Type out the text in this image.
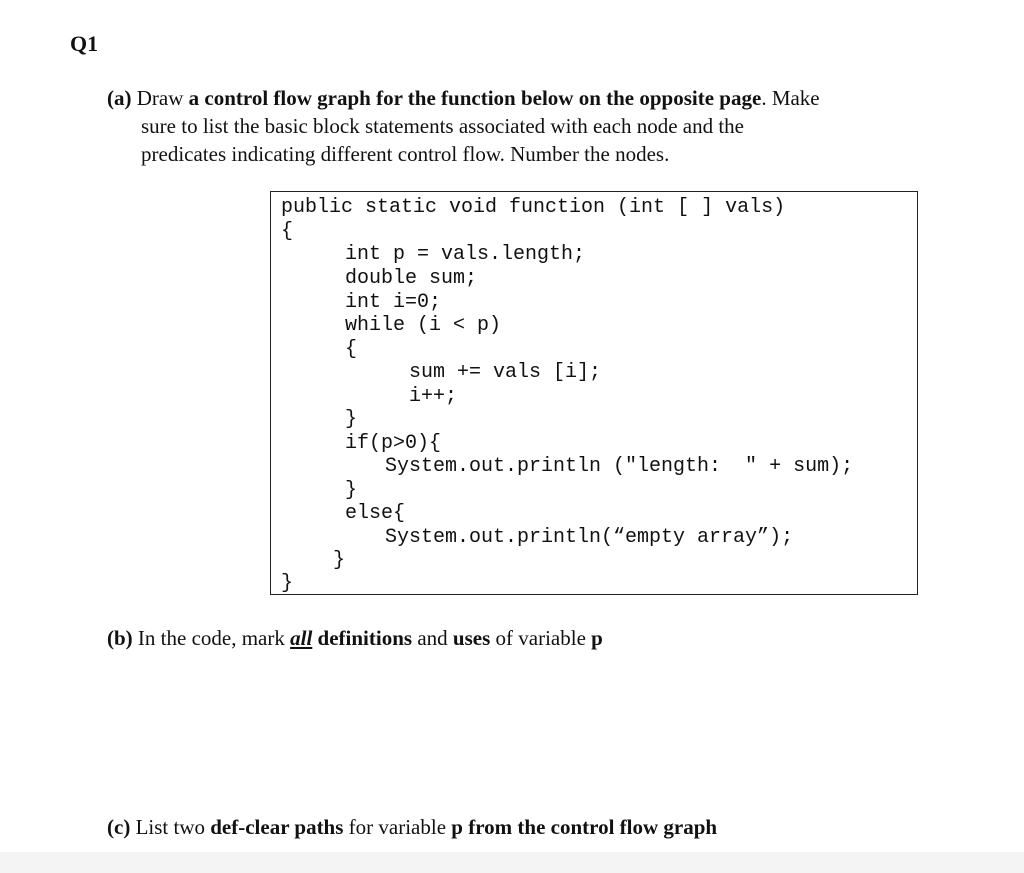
Q1
(a) Draw a control flow graph for the function below on the opposite page. Make
sure to list the basic block statements associated with each node and the
predicates indicating different control flow. Number the nodes.
public static void function (int [ ] vals)
{
int p = vals.length;
double sum;
int i=0;
while (i < p)
{
sum += vals [i];
i++;
}
if(p>0){
System.out.println ("length:  " + sum);
}
else{
System.out.println(“empty array”);
}
}
(b) In the code, mark all definitions and uses of variable p
(c) List two def-clear paths for variable p from the control flow graph
